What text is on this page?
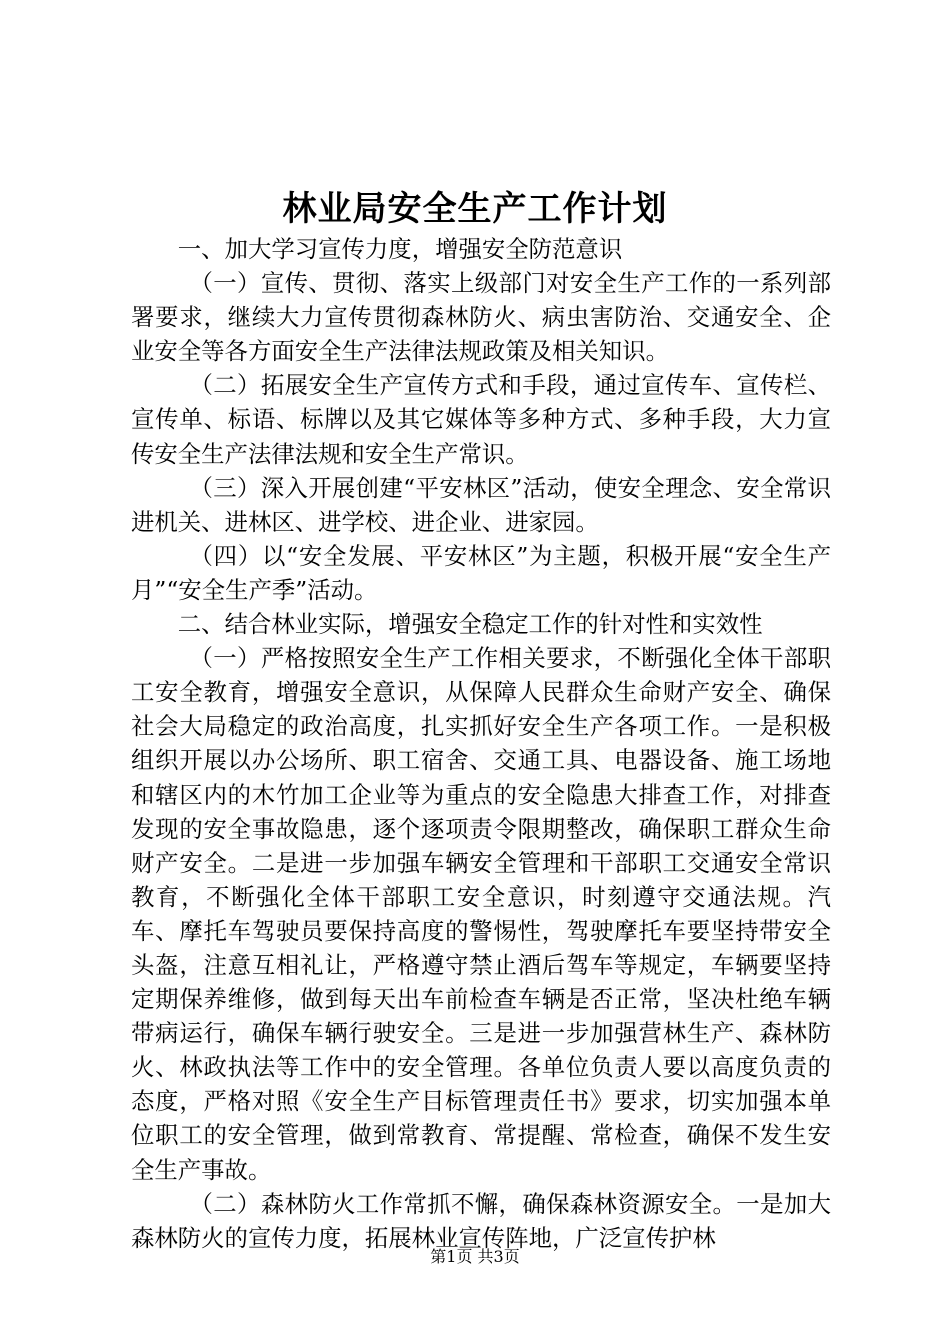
林业局安全生产工作计划

一、加大学习宣传力度，增强安全防范意识

（一）宣传、贯彻、落实上级部门对安全生产工作的一系列部署要求，继续大力宣传贯彻森林防火、病虫害防治、交通安全、企业安全等各方面安全生产法律法规政策及相关知识。

（二）拓展安全生产宣传方式和手段，通过宣传车、宣传栏、宣传单、标语、标牌以及其它媒体等多种方式、多种手段，大力宣传安全生产法律法规和安全生产常识。

（三）深入开展创建“平安林区”活动，使安全理念、安全常识进机关、进林区、进学校、进企业、进家园。

（四）以“安全发展、平安林区”为主题，积极开展“安全生产月”“安全生产季”活动。

二、结合林业实际，增强安全稳定工作的针对性和实效性

（一）严格按照安全生产工作相关要求，不断强化全体干部职工安全教育，增强安全意识，从保障人民群众生命财产安全、确保社会大局稳定的政治高度，扎实抓好安全生产各项工作。一是积极组织开展以办公场所、职工宿舍、交通工具、电器设备、施工场地和辖区内的木竹加工企业等为重点的安全隐患大排查工作，对排查发现的安全事故隐患，逐个逐项责令限期整改，确保职工群众生命财产安全。二是进一步加强车辆安全管理和干部职工交通安全常识教育，不断强化全体干部职工安全意识，时刻遵守交通法规。汽车、摩托车驾驶员要保持高度的警惕性，驾驶摩托车要坚持带安全头盔，注意互相礼让，严格遵守禁止酒后驾车等规定，车辆要坚持定期保养维修，做到每天出车前检查车辆是否正常，坚决杜绝车辆带病运行，确保车辆行驶安全。三是进一步加强营林生产、森林防火、林政执法等工作中的安全管理。各单位负责人要以高度负责的态度，严格对照《安全生产目标管理责任书》要求，切实加强本单位职工的安全管理，做到常教育、常提醒、常检查，确保不发生安全生产事故。

（二）森林防火工作常抓不懈，确保森林资源安全。一是加大森林防火的宣传力度，拓展林业宣传阵地，广泛宣传护林

第1页 共3页
